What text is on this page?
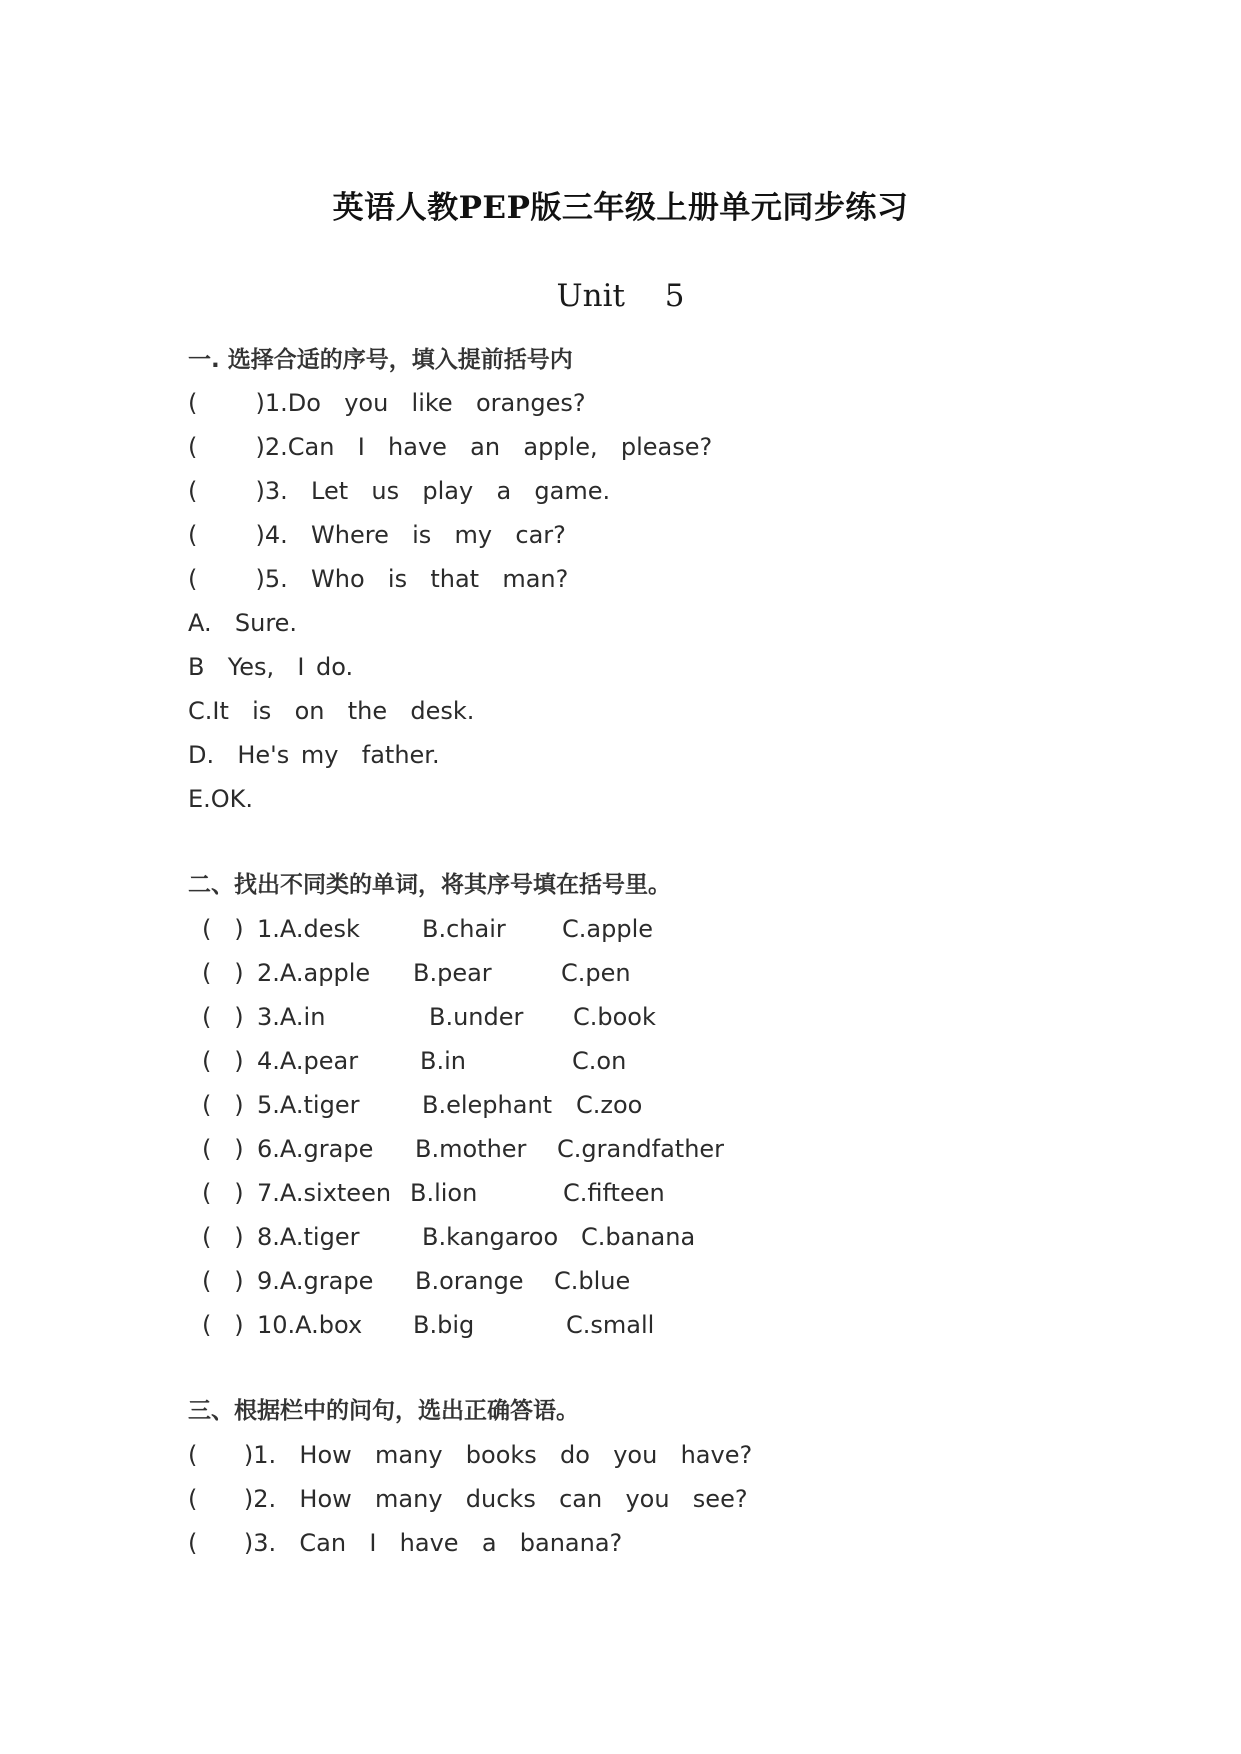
英语人教PEP版三年级上册单元同步练习
Unit  5
一. 选择合适的序号，填入提前括号内
(     )1.Do  you  like  oranges?
(     )2.Can  I  have  an  apple,  please?
(     )3.  Let  us  play  a  game.
(     )4.  Where  is  my  car?
(     )5.  Who  is  that  man?
A.  Sure.
B  Yes,  I do.
C.It  is  on  the  desk.
D.  He's my  father.
E.OK.
二、找出不同类的单词，将其序号填在括号里。
(   ) 1.A.desk	B.chair C.apple
(   ) 2.A.apple B.pear	C.pen
(   ) 3.A.in	B.under C.book
(   ) 4.A.pear	B.in	C.on
(   ) 5.A.tiger	B.elephant C.zoo
(   ) 6.A.grape B.mother C.grandfather
(   ) 7.A.sixteen B.lion	C.fifteen
(   ) 8.A.tiger	B.kangaroo C.banana
(   ) 9.A.grape B.orange C.blue
(   ) 10.A.box B.big	C.small
三、根据栏中的问句，选出正确答语。
(    )1.  How  many  books  do  you  have?
(    )2.  How  many  ducks  can  you  see?
(    )3.  Can  I  have  a  banana?
